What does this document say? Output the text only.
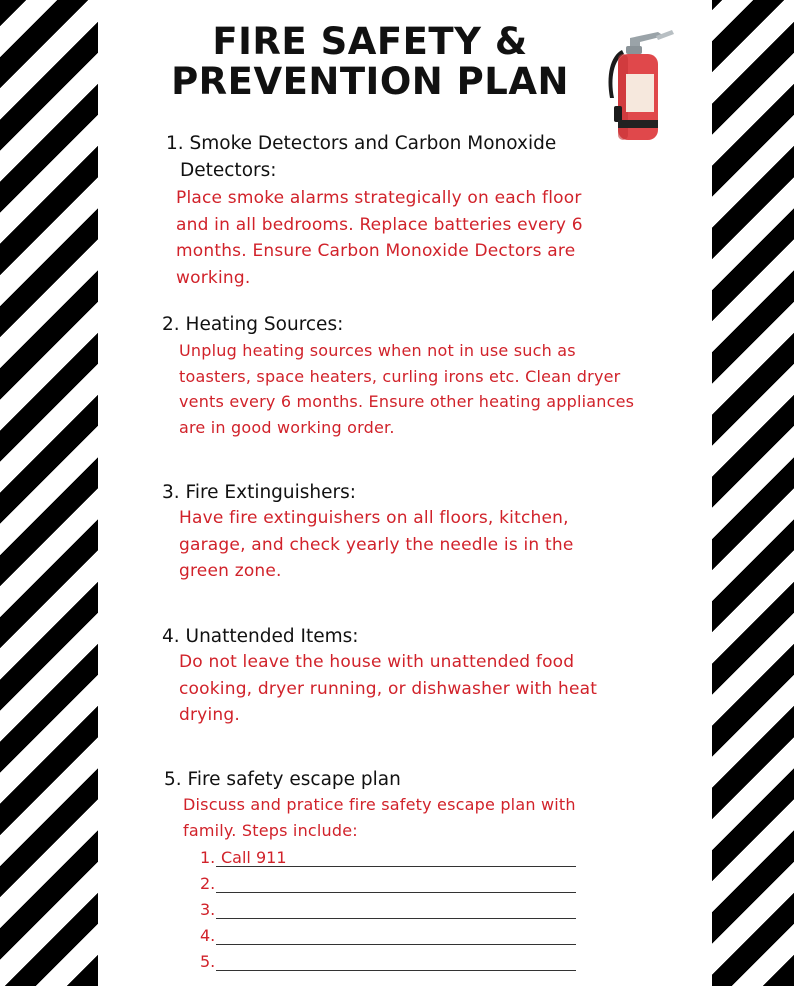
FIRE SAFETY &
PREVENTION PLAN
1. Smoke Detectors and Carbon Monoxide
Detectors:
Place smoke alarms strategically on each floor
and in all bedrooms. Replace batteries every 6
months. Ensure Carbon Monoxide Dectors are
working.
2. Heating Sources:
Unplug heating sources when not in use such as
toasters, space heaters, curling irons etc. Clean dryer
vents every 6 months. Ensure other heating appliances
are in good working order.
3. Fire Extinguishers:
Have fire extinguishers on all floors, kitchen,
garage, and check yearly the needle is in the
green zone.
4. Unattended Items:
Do not leave the house with unattended food
cooking, dryer running, or dishwasher with heat
drying.
5. Fire safety escape plan
Discuss and pratice fire safety escape plan with
family. Steps include:
1. Call 911
2.
3.
4.
5.
